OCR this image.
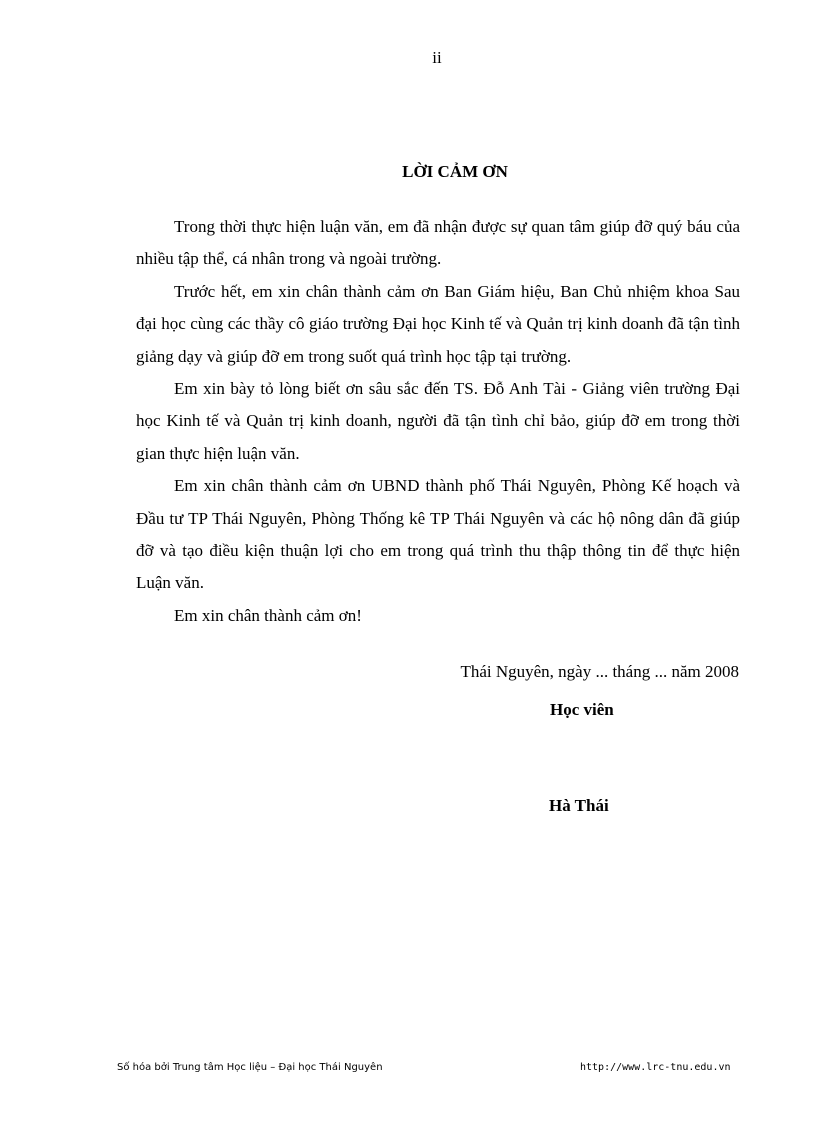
ii
LỜI CẢM ƠN

Trong thời thực hiện luận văn, em đã nhận được sự quan tâm giúp đỡ quý báu của nhiều tập thể, cá nhân trong và ngoài trường.

Trước hết, em xin chân thành cảm ơn Ban Giám hiệu, Ban Chủ nhiệm khoa Sau đại học cùng các thầy cô giáo trường Đại học Kinh tế và Quản trị kinh doanh đã tận tình giảng dạy và giúp đỡ em trong suốt quá trình học tập tại trường.

Em xin bày tỏ lòng biết ơn sâu sắc đến TS. Đỗ Anh Tài - Giảng viên trường Đại học Kinh tế và Quản trị kinh doanh, người đã tận tình chỉ bảo, giúp đỡ em trong thời gian thực hiện luận văn.

Em xin chân thành cảm ơn UBND thành phố Thái Nguyên, Phòng Kế hoạch và Đầu tư TP Thái Nguyên, Phòng Thống kê TP Thái Nguyên và các hộ nông dân đã giúp đỡ và tạo điều kiện thuận lợi cho em trong quá trình thu thập thông tin để thực hiện Luận văn.

Em xin chân thành cảm ơn!

Thái Nguyên, ngày ... tháng ... năm 2008
Học viên
Hà Thái
Số hóa bởi Trung tâm Học liệu – Đại học Thái Nguyên	http://www.lrc-tnu.edu.vn
